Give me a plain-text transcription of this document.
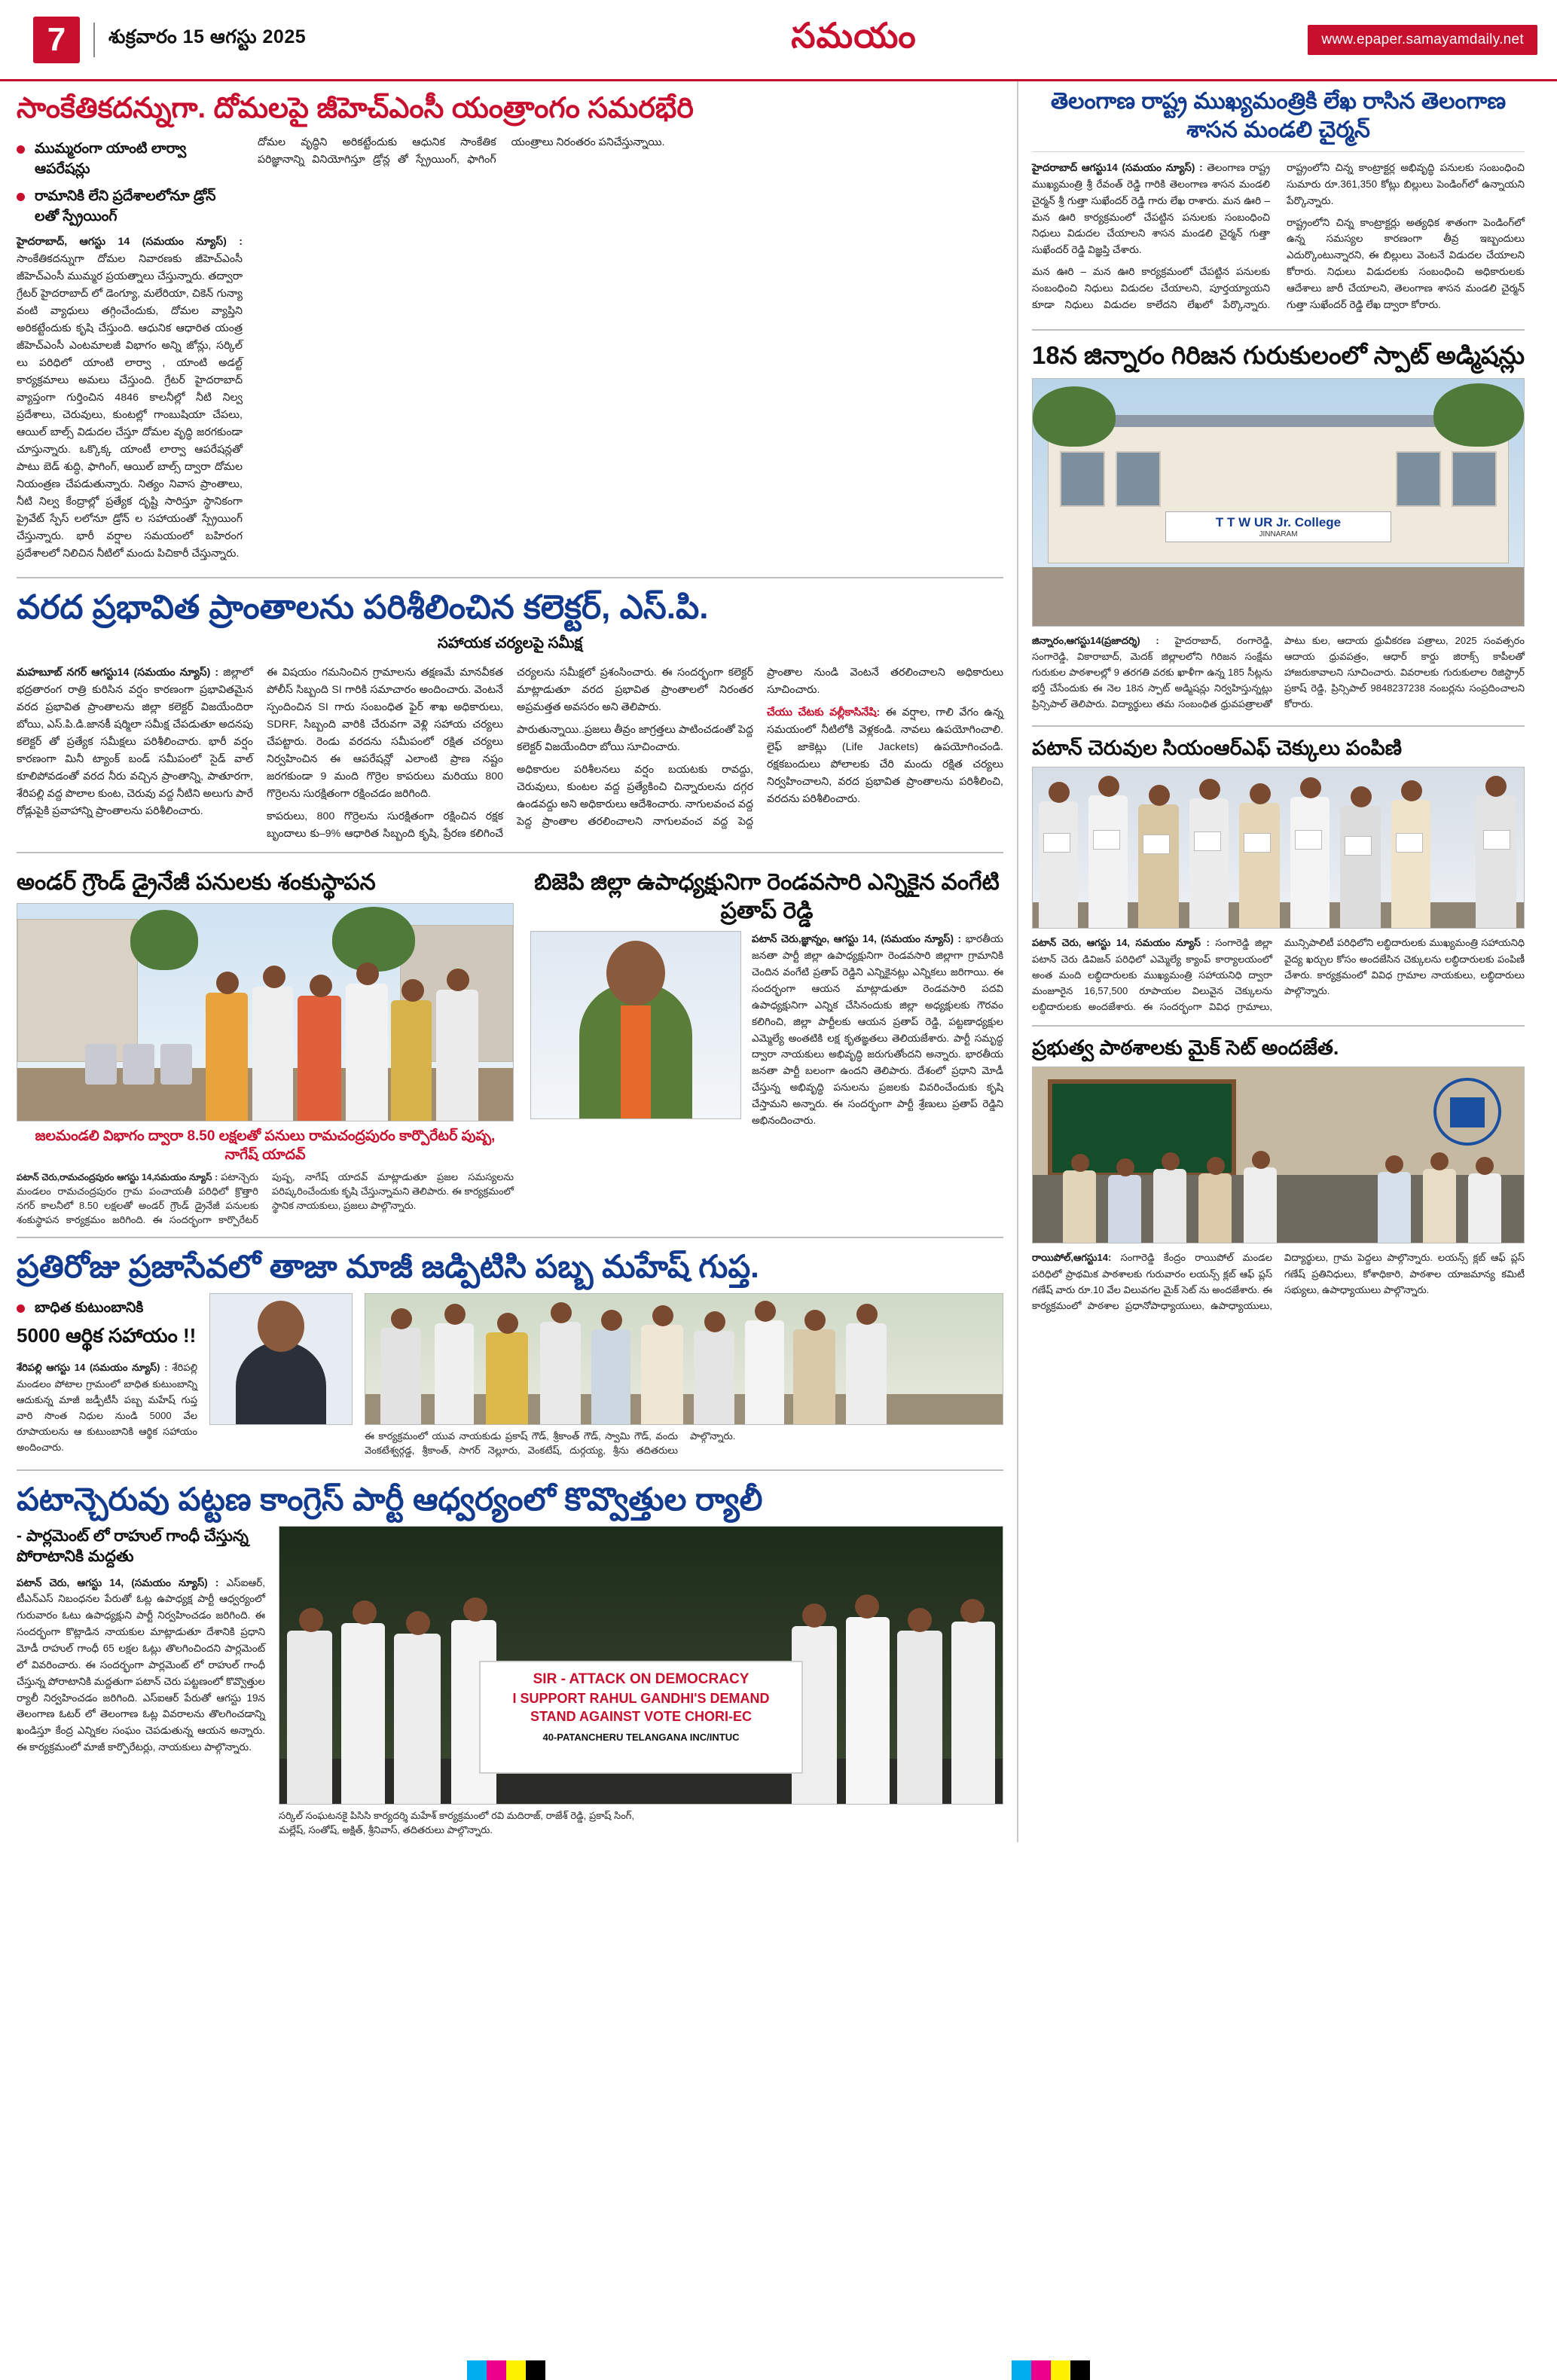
7	శుక్రవారం 15 ఆగస్టు 2025	సమయం	www.epaper.samayamdaily.net
సాంకేతికదన్నుగా. దోమలపై జీహెచ్ఎంసీ యంత్రాంగం సమరభేరి
ముమ్మరంగా యాంటి లార్వా ఆపరేషన్లు
రామానికి లేని ప్రదేశాలలోనూ డ్రోన్ లతో స్ప్రేయింగ్

హైదరాబాద్, ఆగస్టు 14 (సమయం న్యూస్) : సాంకేతికదన్నుగా దోమల నివారణకు జీహెచ్ఎంసీ జీహెచ్ఎంసీ ముమ్మర ప్రయత్నాలు చేస్తున్నారు. తద్వారా గ్రేటర్ హైదరాబాద్ లో డెంగ్యూ, మలేరియా, చికెన్ గున్యా వంటి వ్యాధులు తగ్గించేందుకు, దోమల వ్యాప్తిని అరికట్టేందుకు కృషి చేస్తుంది. ఆధునిక ఆధారిత యంత్ర జీహెచ్ఎంసీ ఎంటమాలజీ విభాగం అన్ని జోన్లు, సర్కిల్ లు పరిధిలో యాంటి లార్వా , యాంటి అడల్ట్ కార్యక్రమాలు అమలు చేస్తుంది. గ్రేటర్ హైదరాబాద్ వ్యాప్తంగా గుర్తించిన 4846 కాలనీల్లో నీటి నిల్వ ప్రదేశాలు, చెరువులు, కుంటల్లో గాంబుషియా చేపలు, ఆయిల్ బాల్స్ విడుదల చేస్తూ దోమల వృద్ధి జరగకుండా చూస్తున్నారు. ఒక్కొక్క యాంటీ లార్వా ఆపరేషన్లతో పాటు బెడ్ శుద్ధి, ఫాగింగ్, ఆయిల్ బాల్స్ ద్వారా దోమల నియంత్రణ చేపడుతున్నారు. నిత్యం నివాస ప్రాంతాలు, నీటి నిల్వ కేంద్రాల్లో ప్రత్యేక దృష్టి సారిస్తూ స్థానికంగా ప్రైవేట్ స్పేస్ లలోనూ డ్రోన్ ల సహాయంతో స్ప్రేయింగ్ చేస్తున్నారు. భారీ వర్షాల సమయంలో బహిరంగ ప్రదేశాలలో నిలిచిన నీటిలో మందు పిచికారీ చేస్తున్నారు.

దోమల వృద్ధిని అరికట్టేందుకు ఆధునిక సాంకేతిక పరిజ్ఞానాన్ని వినియోగిస్తూ డ్రోన్ల తో స్ప్రేయింగ్, ఫాగింగ్ యంత్రాలు నిరంతరం పనిచేస్తున్నాయి.

వరద ప్రభావిత ప్రాంతాలను పరిశీలించిన కలెక్టర్, ఎస్.పి.
సహాయక చర్యలపై సమీక్ష

మహబూబ్ నగర్ ఆగస్టు14 (సమయం న్యూస్) : జిల్లాలో భద్రతారంగ రాత్రి కురిసిన వర్షం కారణంగా ప్రభావితమైన వరద ప్రభావిత ప్రాంతాలను జిల్లా కలెక్టర్ విజయేందిరా బోయి, ఎస్.పి.డి.జానకీ షర్మిలా సమీక్ష చేపడుతూ అదనపు కలెక్టర్ తో ప్రత్యేక సమీక్షలు పరిశీలించారు. భారీ వర్షం కారణంగా మినీ ట్యాంక్ బండ్ సమీపంలో సైడ్ వాల్ కూలిపోవడంతో వరద నీరు వచ్చిన ప్రాంతాన్ని, పాతూరగా, శేరిపల్లి వద్ద పొలాల కుంట, చెరువు వద్ద నీటిని అలుగు పారే రోడ్లుపైకి ప్రవాహాన్ని ప్రాంతాలను పరిశీలించారు.

ఈ విషయం గమనించిన గ్రామాలను తక్షణమే మానవీకత పోలీస్ సిబ్బంది SI గారికి సమాచారం అందించారు. వెంటనే స్పందించిన SI గారు సంబంధిత ఫైర్ శాఖ అధికారులు, SDRF, సిబ్బంది వారికి చేరువగా వెళ్లి సహాయ చర్యలు చేపట్టారు. రెండు వరదను సమీపంలో రక్షిత చర్యలు నిర్వహించిన ఈ ఆపరేషన్లో ఎలాంటి ప్రాణ నష్టం జరగకుండా 9 మంది గొర్రెల కాపరులు మరియు 800 గొర్రెలను సురక్షితంగా రక్షించడం జరిగింది.

కాపరులు, 800 గొర్రెలను సురక్షితంగా రక్షించిన రక్షక బృందాలు కు–9% ఆధారిత సిబ్బంది కృషి, ప్రేరణ కలిగించే చర్యలను సమీక్షలో ప్రశంసించారు. ఈ సందర్భంగా కలెక్టర్ మాట్లాడుతూ వరద ప్రభావిత ప్రాంతాలలో నిరంతర అప్రమత్తత అవసరం అని తెలిపారు.

పారుతున్నాయి..ప్రజలు తీవ్రం జాగ్రత్తలు పాటించడంతో పెద్ద కలెక్టర్ విజయేందిరా బోయి సూచించారు.

అధికారుల పరిశీలనలు వర్షం బయటకు రావద్దు, చెరువులు, కుంటల వద్ద ప్రత్యేకించి చిన్నారులను దగ్గర ఉండవద్దు అని అధికారులు ఆదేశించారు. నాగులవంచ వద్ద పెద్ద ప్రాంతాల తరలించాలని నాగులవంచ వద్ద పెద్ద ప్రాంతాల నుండి వెంటనే తరలించాలని అధికారులు సూచించారు.

చేయు చేటకు వల్లీకాసినేషి: ఈ వర్షాల, గాలి వేగం ఉన్న సమయంలో నీటిలోకి వెళ్లకండి. నావలు ఉపయోగించాలి. లైఫ్ జాకెట్లు (Life Jackets) ఉపయోగించండి. రక్షకబందులు పోలాలకు చేరి మందు రక్షిత చర్యలు నిర్వహించాలని, వరద ప్రభావిత ప్రాంతాలను పరిశీలించి, వరదను పరిశీలించారు.

అండర్ గ్రౌండ్ డ్రైనేజీ పనులకు శంకుస్థాపన
జలమండలి విభాగం ద్వారా 8.50 లక్షలతో పనులు రామచంద్రపురం కార్పొరేటర్ పుష్ప, నాగేష్ యాదవ్
పటాన్ చెరు,రామచంద్రపురం ఆగస్టు 14,సమయం న్యూస్ : పటాన్చెరు మండలం రామచంద్రపురం గ్రామ పంచాయతీ పరిధిలో క్రొత్తారి నగర్ కాలనీలో 8.50 లక్షలతో అండర్ గ్రౌండ్ డ్రైనేజీ పనులకు శంకుస్థాపన కార్యక్రమం జరిగింది. ఈ సందర్భంగా కార్పొరేటర్ పుష్ప, నాగేష్ యాదవ్ మాట్లాడుతూ ప్రజల సమస్యలను పరిష్కరించేందుకు కృషి చేస్తున్నామని తెలిపారు. ఈ కార్యక్రమంలో స్థానిక నాయకులు, ప్రజలు పాల్గొన్నారు.
బిజెపి జిల్లా ఉపాధ్యక్షునిగా రెండవసారి ఎన్నికైన వంగేటి ప్రతాప్ రెడ్డి

పటాన్ చెరు,జ్ఞాన్నం, ఆగస్టు 14, (సమయం న్యూస్) : భారతీయ జనతా పార్టీ జిల్లా ఉపాధ్యక్షునిగా రెండవసారి జిల్లాగా గ్రామానికి చెందిన వంగేటి ప్రతాప్ రెడ్డిని ఎన్నికైనట్లు ఎన్నికలు జరిగాయి. ఈ సందర్భంగా ఆయన మాట్లాడుతూ రెండవసారి పదవి ఉపాధ్యక్షునిగా ఎన్నిక చేసినందుకు జిల్లా అధ్యక్షులకు గౌరవం కలిగించి, జిల్లా పార్టీలకు ఆయన ప్రతాప్ రెడ్డి, పట్టణాధ్యక్షుల ఎమ్మెల్యే అంతటికి లక్ష కృతఙ్ఞతలు తెలియజేశారు. పార్టీ సమృద్ధ ద్వారా నాయకులు అభివృద్ధి జరుగుతోందని అన్నారు. భారతీయ జనతా పార్టీ బలంగా ఉందని తెలిపారు. దేశంలో ప్రధాని మోడీ చేస్తున్న అభివృద్ధి పనులను ప్రజలకు వివరించేందుకు కృషి చేస్తామని అన్నారు. ఈ సందర్భంగా పార్టీ శ్రేణులు ప్రతాప్ రెడ్డిని అభినందించారు.

ప్రతిరోజు ప్రజాసేవలో తాజా మాజీ జడ్పిటిసి పబ్బ మహేష్ గుప్త.
బాధిత కుటుంబానికి
5000 ఆర్థిక సహాయం !!

శేరిపల్లి ఆగస్టు 14 (సమయం న్యూస్) : శేరిపల్లి మండలం పోటాల గ్రామంలో బాధిత కుటుంబాన్ని ఆదుకున్న మాజీ జడ్పీటీసీ పబ్బ మహేష్ గుప్త వారి సొంత నిధుల నుండి 5000 వేల రూపాయలను ఆ కుటుంబానికి ఆర్థిక సహాయం అందించారు.

ఈ కార్యక్రమంలో యువ నాయకుడు ప్రకాష్ గౌడ్, శ్రీకాంత్ గౌడ్, స్వామి గౌడ్, వందు వెంకటేశ్వర్గడ్డ, శ్రీకాంత్, సాగర్ నెల్లూరు, వెంకటేష్, దుర్గయ్య, శ్రీను తదితరులు పాల్గొన్నారు.
పటాన్చెరువు పట్టణ కాంగ్రెస్ పార్టీ ఆధ్వర్యంలో కొవ్వొత్తుల ర్యాలీ
- పార్లమెంట్ లో రాహుల్ గాంధీ చేస్తున్న పోరాటానికి మద్దతు

పటాన్ చెరు, ఆగస్టు 14, (సమయం న్యూస్) : ఎస్ఐఆర్, టీఎన్ఎస్ నిబంధనల పేరుతో ఓట్ల ఉపాధ్యక్ష పార్టీ ఆధ్వర్యంలో గురువారం ఓటు ఉపాధ్యక్షుని పార్టీ నిర్వహించడం జరిగింది. ఈ సందర్భంగా కొట్లాడిన నాయకుల మాట్లాడుతూ దేశానికి ప్రధాని మోడీ రాహుల్ గాంధీ 65 లక్షల ఓట్లు తొలగించిందని పార్లమెంట్ లో వివరించారు. ఈ సందర్భంగా పార్లమెంట్ లో రాహుల్ గాంధీ చేస్తున్న పోరాటానికి మద్దతుగా పటాన్ చెరు పట్టణంలో కొవ్వొత్తుల ర్యాలీ నిర్వహించడం జరిగింది. ఎస్ఐఆర్ పేరుతో ఆగస్టు 19న తెలంగాణ ఓటర్ లో తెలంగాణ ఓట్ల వివరాలను తొలగించడాన్ని ఖండిస్తూ కేంద్ర ఎన్నికల సంఘం చెపడుతున్న ఆయన అన్నారు. ఈ కార్యక్రమంలో మాజీ కార్పొరేటర్లు, నాయకులు పాల్గొన్నారు.

SIR - ATTACK ON DEMOCRACY
I SUPPORT RAHUL GANDHI'S DEMAND
STAND AGAINST VOTE CHORI-EC
40-PATANCHERU TELANGANA INC/INTUC
సర్కిల్ సంఘటనకై పిసిసి కార్యదర్శి మహేశ్ కార్యక్రమంలో రవి మదిరాజ్, రాజేశ్ రెడ్డి, ప్రకాష్ సింగ్, మల్లేష్, సంతోష్, అక్షిత్, శ్రీనివాస్, తదితరులు పాల్గొన్నారు.
తెలంగాణ రాష్ట్ర ముఖ్యమంత్రికి లేఖ రాసిన తెలంగాణ శాసన మండలి చైర్మన్

హైదరాబాద్ ఆగస్టు14 (సమయం న్యూస్) : తెలంగాణ రాష్ట్ర ముఖ్యమంత్రి శ్రీ రేవంత్ రెడ్డి గారికి తెలంగాణ శాసన మండలి చైర్మన్ శ్రీ గుత్తా సుఖేందర్ రెడ్డి గారు లేఖ రాశారు. మన ఊరి – మన ఊరి కార్యక్రమంలో చేపట్టిన పనులకు సంబంధించి నిధులు విడుదల చేయాలని శాసన మండలి చైర్మన్ గుత్తా సుఖేందర్ రెడ్డి విజ్ఞప్తి చేశారు.

మన ఊరి – మన ఊరి కార్యక్రమంలో చేపట్టిన పనులకు సంబంధించి నిధులు విడుదల చేయాలని, పూర్తయ్యాయని కూడా నిధులు విడుదల కాలేదని లేఖలో పేర్కొన్నారు. రాష్ట్రంలోని చిన్న కాంట్రాక్టర్ల అభివృద్ధి పనులకు సంబంధించి సుమారు రూ.361,350 కోట్లు బిల్లులు పెండింగ్‌లో ఉన్నాయని పేర్కొన్నారు.

రాష్ట్రంలోని చిన్న కాంట్రాక్టర్లు అత్యధిక శాతంగా పెండింగ్‌లో ఉన్న సమస్యల కారణంగా తీవ్ర ఇబ్బందులు ఎదుర్కొంటున్నారని, ఈ బిల్లులు వెంటనే విడుదల చేయాలని కోరారు. నిధులు విడుదలకు సంబంధించి అధికారులకు ఆదేశాలు జారీ చేయాలని, తెలంగాణ శాసన మండలి చైర్మన్ గుత్తా సుఖేందర్ రెడ్డి లేఖ ద్వారా కోరారు.

18న జిన్నారం గిరిజన గురుకులంలో స్పాట్ అడ్మిషన్లు
T T W UR Jr. College
JINNARAM

జిన్నారం,ఆగస్టు14(ప్రజాదర్శి) : హైదరాబాద్, రంగారెడ్డి, సంగారెడ్డి, వికారాబాద్, మెదక్ జిల్లాలలోని గిరిజన సంక్షేమ గురుకుల పాఠశాలల్లో 9 తరగతి వరకు ఖాళీగా ఉన్న 185 సీట్లను భర్తీ చేసేందుకు ఈ నెల 18న స్పాట్ అడ్మిషన్లు నిర్వహిస్తున్నట్లు ప్రిన్సిపాల్ తెలిపారు. విద్యార్థులు తమ సంబంధిత ధ్రువపత్రాలతో పాటు కుల, ఆదాయ ధ్రువీకరణ పత్రాలు, 2025 సంవత్సరం ఆదాయ ధ్రువపత్రం, ఆధార్ కార్డు జిరాక్స్ కాపీలతో హాజరుకావాలని సూచించారు. వివరాలకు గురుకులాల రిజిస్ట్రార్ ప్రకాష్ రెడ్డి, ప్రిన్సిపాల్ 9848237238 నంబర్లను సంప్రదించాలని కోరారు.

పటాన్ చెరువుల సియంఆర్ఎఫ్ చెక్కులు పంపిణి

పటాన్ చెరు, ఆగస్టు 14, సమయం న్యూస్ : సంగారెడ్డి జిల్లా పటాన్ చెరు డివిజన్ పరిధిలో ఎమ్మెల్యే క్యాంప్ కార్యాలయంలో అంత మంది లబ్ధిదారులకు ముఖ్యమంత్రి సహాయనిధి ద్వారా మంజూరైన 16,57,500 రూపాయల విలువైన చెక్కులను లబ్ధిదారులకు అందజేశారు. ఈ సందర్భంగా వివిధ గ్రామాలు, మున్సిపాలిటీ పరిధిలోని లబ్ధిదారులకు ముఖ్యమంత్రి సహాయనిధి వైద్య ఖర్చుల కోసం అందజేసిన చెక్కులను లబ్ధిదారులకు పంపిణీ చేశారు. కార్యక్రమంలో వివిధ గ్రామాల నాయకులు, లబ్ధిదారులు పాల్గొన్నారు.

ప్రభుత్వ పాఠశాలకు మైక్ సెట్ అందజేత.

రాయిపోల్,ఆగస్టు14: సంగారెడ్డి కేంద్రం రాయిపోల్ మండల పరిధిలో ప్రాథమిక పాఠశాలకు గురువారం లయన్స్ క్లబ్ ఆఫ్ ప్లస్ గణేష్ వారు రూ.10 వేల విలువగల మైక్ సెట్ ను అందజేశారు. ఈ కార్యక్రమంలో పాఠశాల ప్రధానోపాధ్యాయులు, ఉపాధ్యాయులు, విద్యార్థులు, గ్రామ పెద్దలు పాల్గొన్నారు. లయన్స్ క్లబ్ ఆఫ్ ప్లస్ గణేష్ ప్రతినిధులు, కోశాధికారి, పాఠశాల యాజమాన్య కమిటీ సభ్యులు, ఉపాధ్యాయులు పాల్గొన్నారు.
